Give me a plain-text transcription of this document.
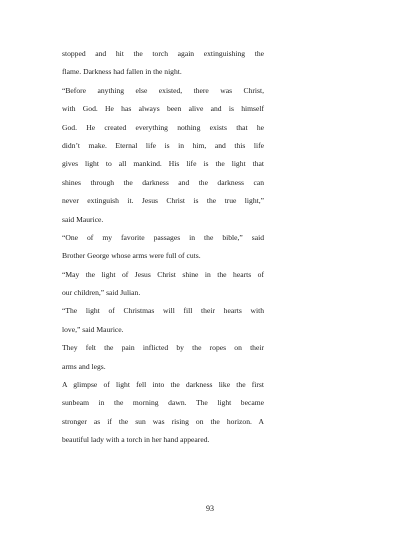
stopped and hit the torch again extinguishing the
flame. Darkness had fallen in the night.
“Before anything else existed, there was Christ,
with God. He has always been alive and is himself
God. He created everything nothing exists that he
didn’t make. Eternal life is in him, and this life
gives light to all mankind. His life is the light that
shines through the darkness and the darkness can
never extinguish it. Jesus Christ is the true light,”
said Maurice.
“One of my favorite passages in the bible,” said
Brother George whose arms were full of cuts.
“May the light of Jesus Christ shine in the hearts of
our children,” said Julian.
“The light of Christmas will fill their hearts with
love,” said Maurice.
They felt the pain inflicted by the ropes on their
arms and legs.
A glimpse of light fell into the darkness like the first
sunbeam in the morning dawn. The light became
stronger as if the sun was rising on the horizon. A
beautiful lady with a torch in her hand appeared.
93
